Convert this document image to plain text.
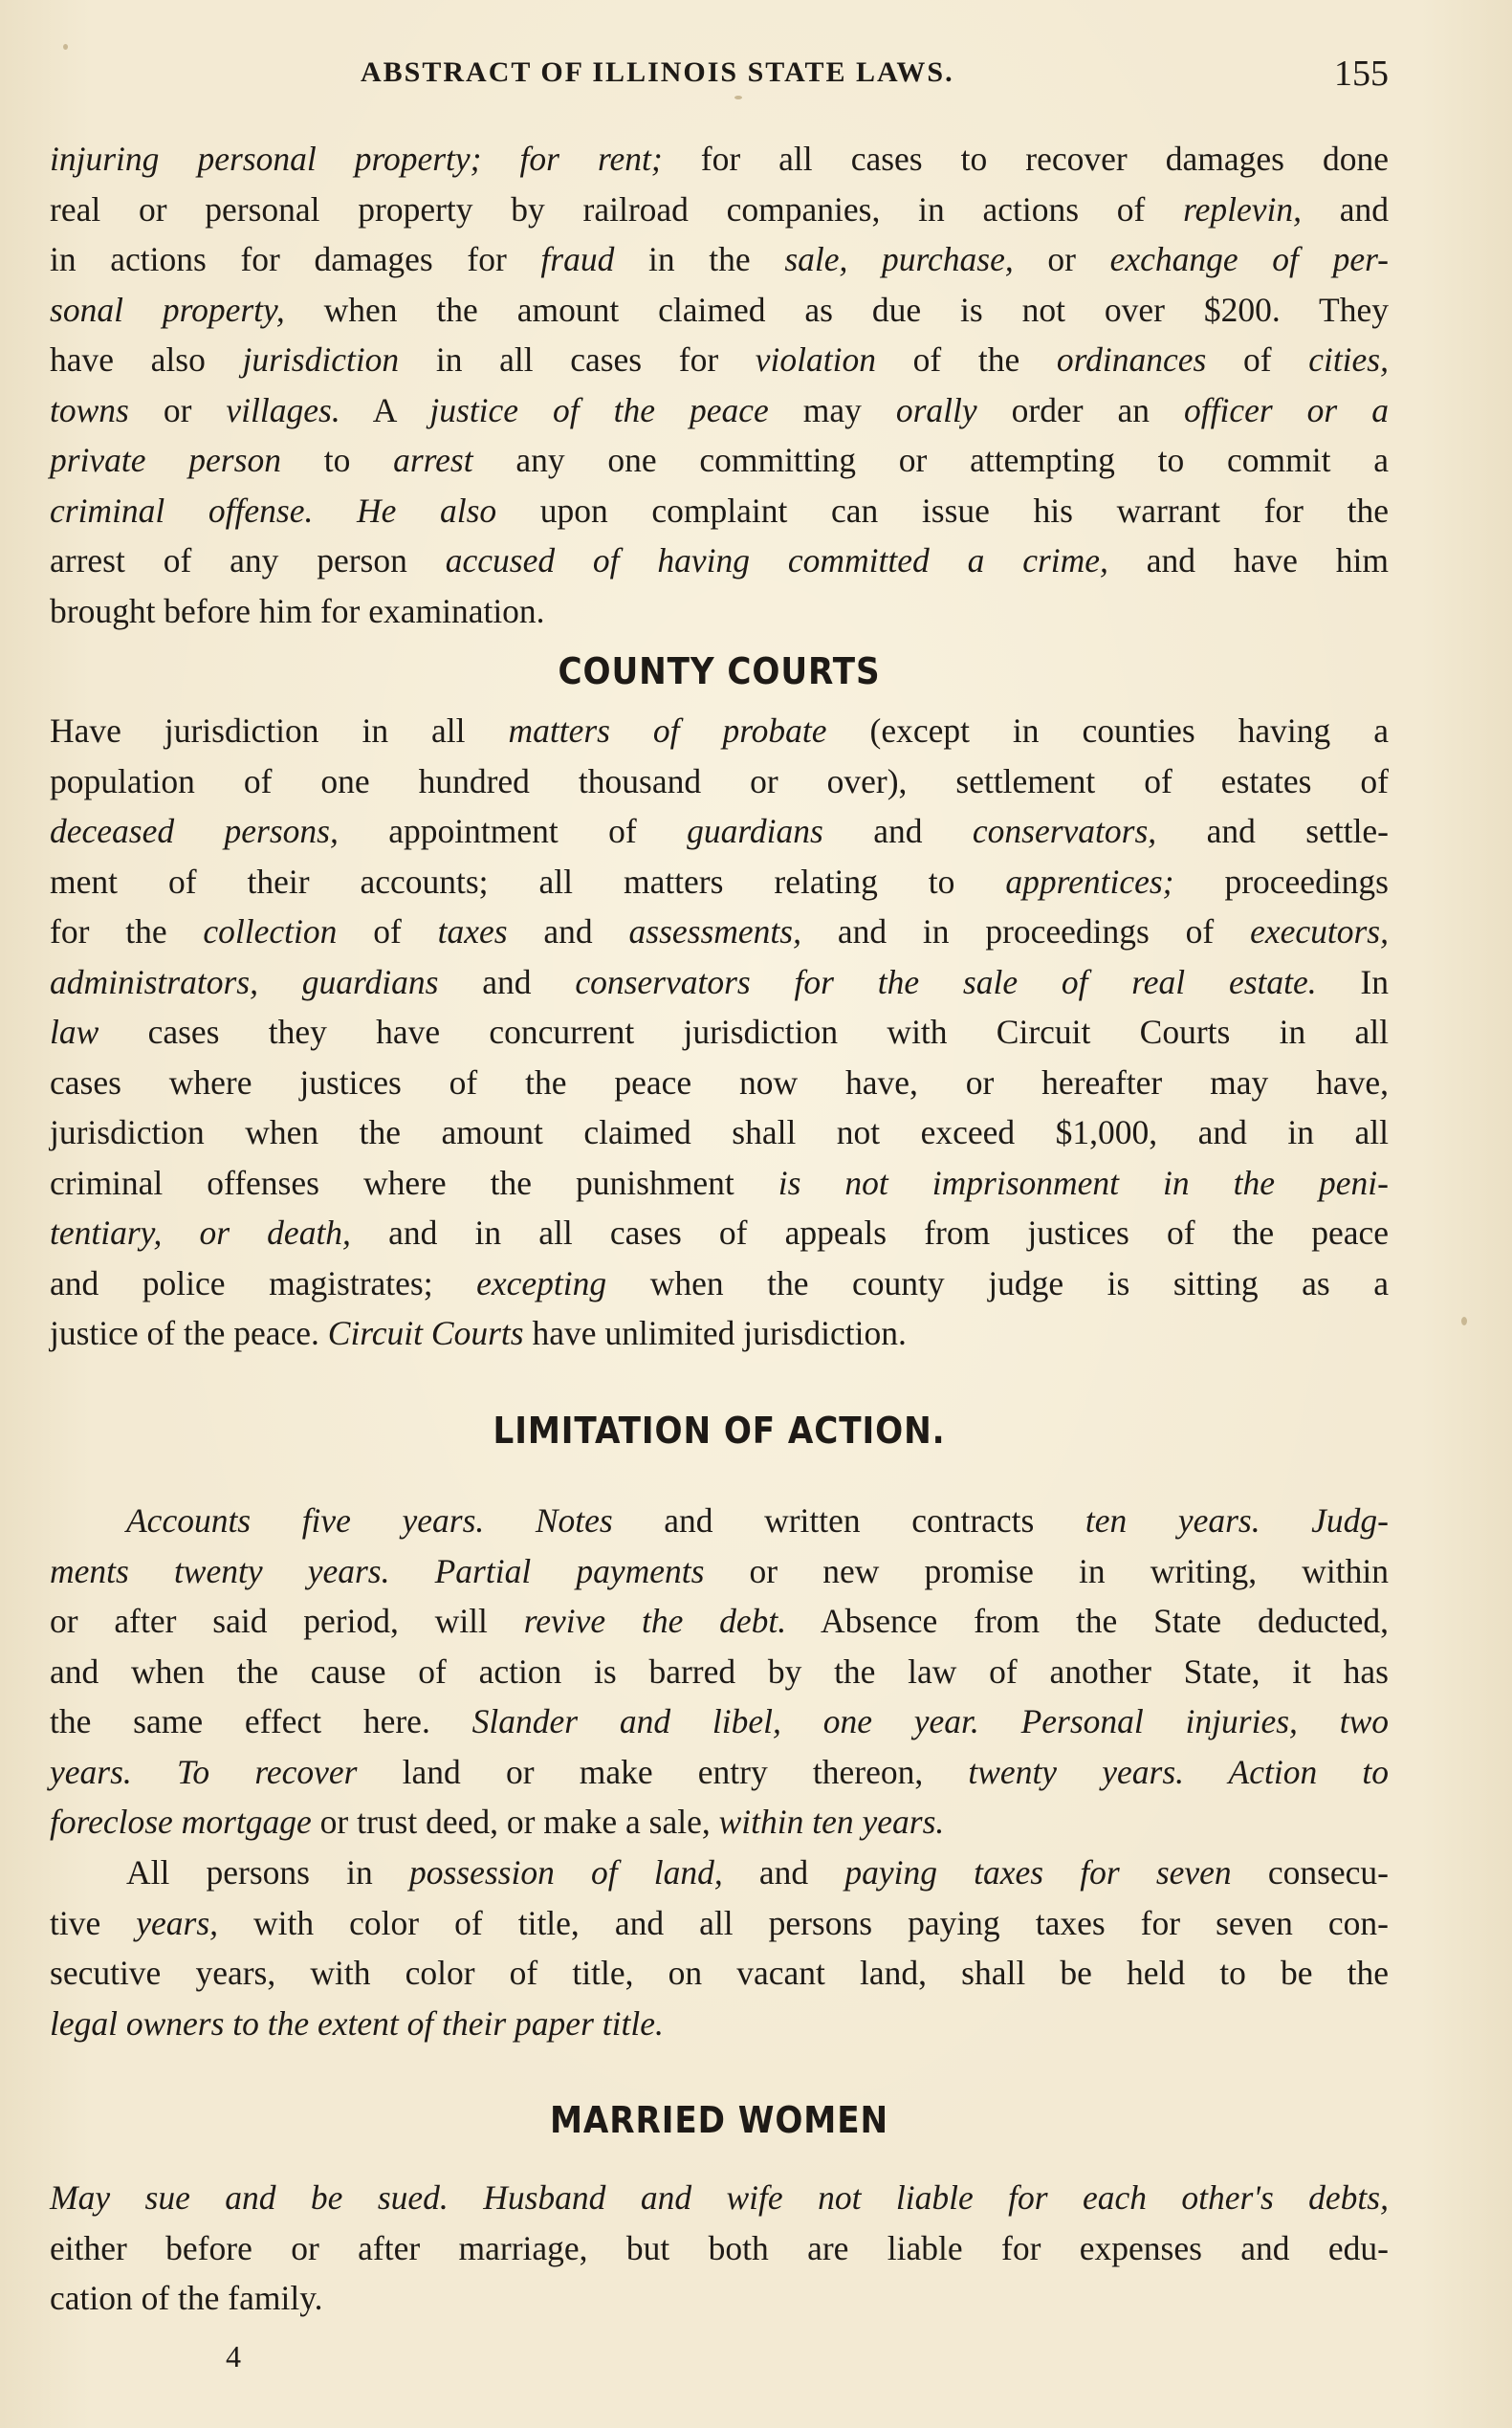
ABSTRACT OF ILLINOIS STATE LAWS.	155
injuring personal property; for rent; for all cases to recover damages done
real or personal property by railroad companies, in actions of replevin, and
in actions for damages for fraud in the sale, purchase, or exchange of per-
sonal property, when the amount claimed as due is not over $200. They
have also jurisdiction in all cases for violation of the ordinances of cities,
towns or villages. A justice of the peace may orally order an officer or a
private person to arrest any one committing or attempting to commit a
criminal offense. He also upon complaint can issue his warrant for the
arrest of any person accused of having committed a crime, and have him
brought before him for examination.
COUNTY COURTS
Have jurisdiction in all matters of probate (except in counties having a
population of one hundred thousand or over), settlement of estates of
deceased persons, appointment of guardians and conservators, and settle-
ment of their accounts; all matters relating to apprentices; proceedings
for the collection of taxes and assessments, and in proceedings of executors,
administrators, guardians and conservators for the sale of real estate. In
law cases they have concurrent jurisdiction with Circuit Courts in all
cases where justices of the peace now have, or hereafter may have,
jurisdiction when the amount claimed shall not exceed $1,000, and in all
criminal offenses where the punishment is not imprisonment in the peni-
tentiary, or death, and in all cases of appeals from justices of the peace
and police magistrates; excepting when the county judge is sitting as a
justice of the peace. Circuit Courts have unlimited jurisdiction.
LIMITATION OF ACTION.
Accounts five years. Notes and written contracts ten years. Judg-
ments twenty years. Partial payments or new promise in writing, within
or after said period, will revive the debt. Absence from the State deducted,
and when the cause of action is barred by the law of another State, it has
the same effect here. Slander and libel, one year. Personal injuries, two
years. To recover land or make entry thereon, twenty years. Action to
foreclose mortgage or trust deed, or make a sale, within ten years.
All persons in possession of land, and paying taxes for seven consecu-
tive years, with color of title, and all persons paying taxes for seven con-
secutive years, with color of title, on vacant land, shall be held to be the
legal owners to the extent of their paper title.
MARRIED WOMEN
May sue and be sued. Husband and wife not liable for each other's debts,
either before or after marriage, but both are liable for expenses and edu-
cation of the family.
4
